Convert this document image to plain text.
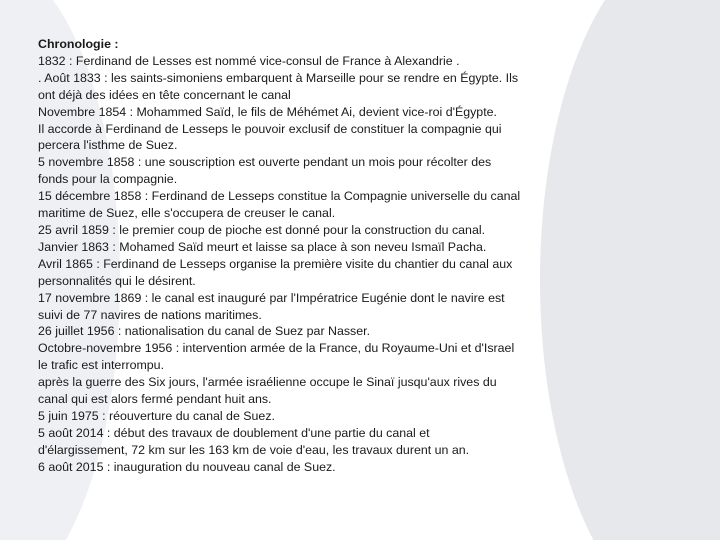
Chronologie :
1832 : Ferdinand de Lesses est nommé vice-consul de France à Alexandrie .
. Août 1833 : les saints-simoniens embarquent à Marseille pour se rendre en Égypte. Ils
ont déjà des idées en tête concernant le canal
Novembre 1854 : Mohammed Saïd, le fils de Méhémet Ai, devient vice-roi d'Égypte.
Il accorde à Ferdinand de Lesseps le pouvoir exclusif de constituer la compagnie qui
percera l'isthme de Suez.
5 novembre 1858 : une souscription est ouverte pendant un mois pour récolter des
fonds pour la compagnie.
15 décembre 1858 : Ferdinand de Lesseps constitue la Compagnie universelle du canal
maritime de Suez, elle s'occupera de creuser le canal.
25 avril 1859 : le premier coup de pioche est donné pour la construction du canal.
Janvier 1863 : Mohamed Saïd meurt et laisse sa place à son neveu Ismaïl Pacha.
Avril 1865 : Ferdinand de Lesseps organise la première visite du chantier du canal aux
personnalités qui le désirent.
17 novembre 1869 : le canal est inauguré par l'Impératrice Eugénie dont le navire est
suivi de 77 navires de nations maritimes.
26 juillet 1956 : nationalisation du canal de Suez par Nasser.
Octobre-novembre 1956 : intervention armée de la France, du Royaume-Uni et d'Israel
le trafic est interrompu.
après la guerre des Six jours, l'armée israélienne occupe le Sinaï jusqu'aux rives du
canal qui est alors fermé pendant huit ans.
5 juin 1975 : réouverture du canal de Suez.
5 août 2014 : début des travaux de doublement d'une partie du canal et
d'élargissement, 72 km sur les 163 km de voie d'eau, les travaux durent un an.
6 août 2015 : inauguration du nouveau canal de Suez.
